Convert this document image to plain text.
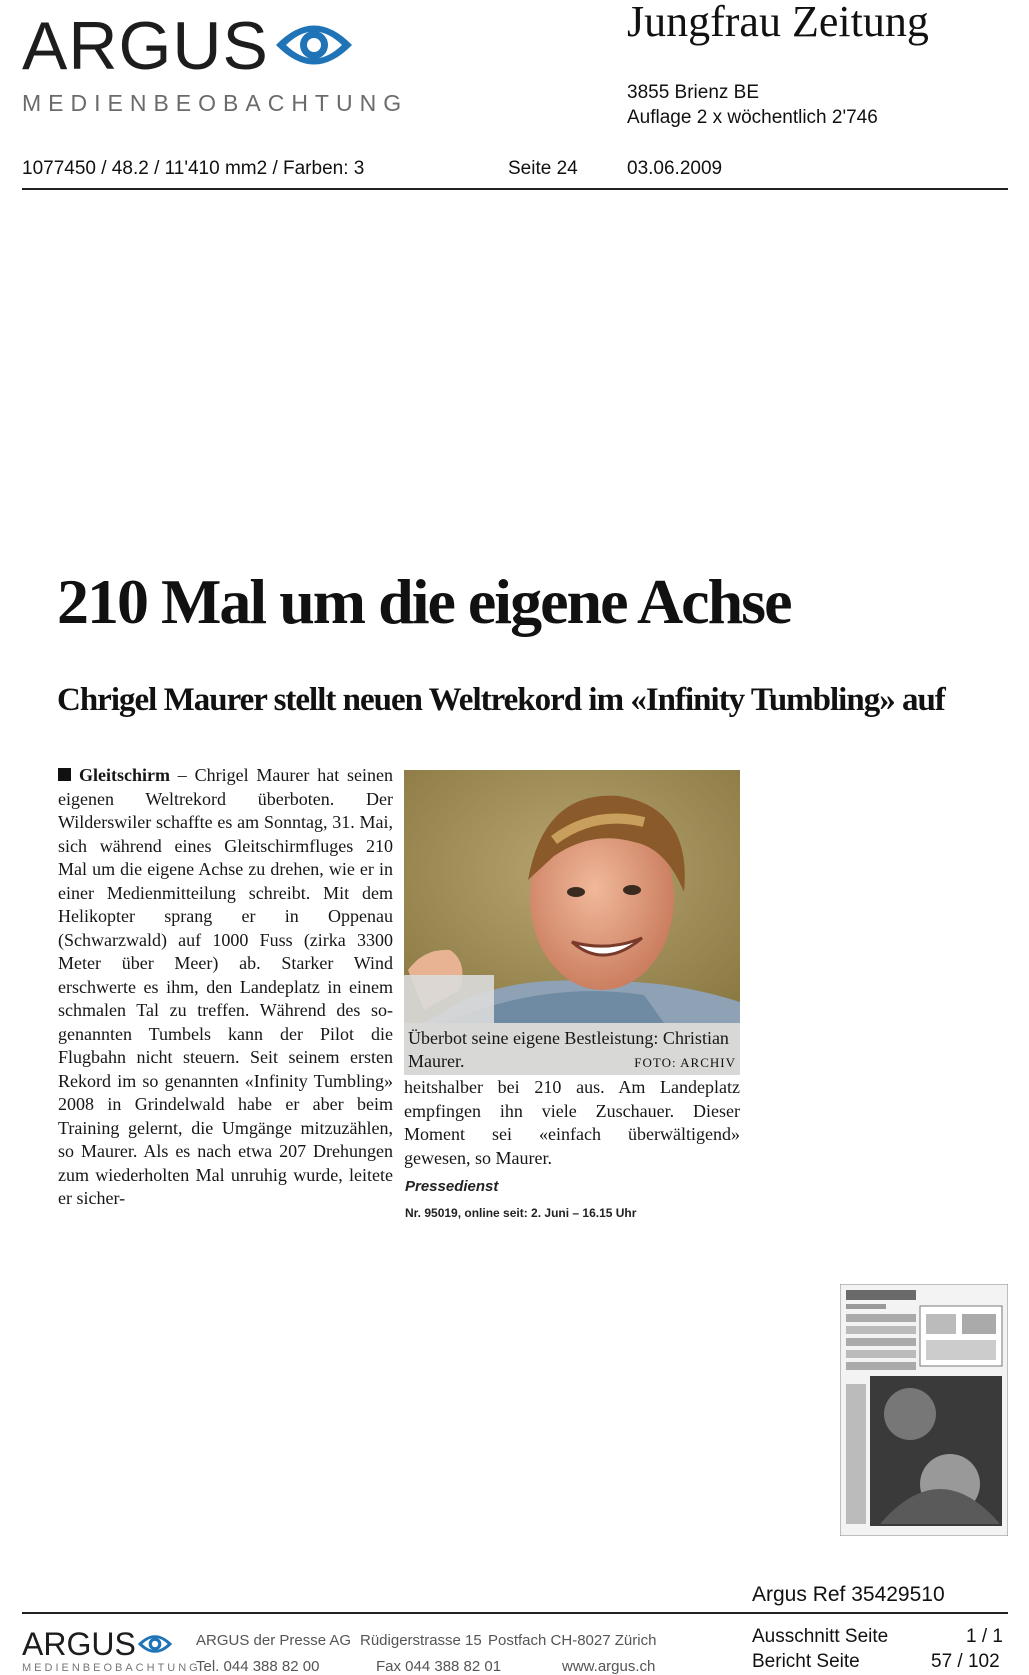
ARGUS
MEDIENBEOBACHTUNG
Jungfrau Zeitung
3855 Brienz BE
Auflage 2 x wöchentlich 2'746
1077450 / 48.2 / 11'410 mm2 / Farben: 3	Seite 24	03.06.2009
210 Mal um die eigene Achse
Chrigel Maurer stellt neuen Weltrekord im «Infinity Tumbling» auf
Gleitschirm – Chrigel Maurer hat seinen eigenen Weltrekord überboten. Der Wilderswiler schaffte es am Sonntag, 31. Mai, sich während eines Gleitschirmfluges 210 Mal um die eigene Achse zu drehen, wie er in einer Medienmitteilung schreibt. Mit dem Helikopter sprang er in Oppenau (Schwarzwald) auf 1000 Fuss (zirka 3300 Meter über Meer) ab. Starker Wind erschwerte es ihm, den Landeplatz in einem schmalen Tal zu treffen. Während des so- genannten Tumbels kann der Pilot die Flugbahn nicht steuern. Seit seinem ersten Rekord im so genannten «Infinity Tumbling» 2008 in Grindelwald habe er aber beim Training gelernt, die Umgänge mitzuzählen, so Maurer. Als es nach etwa 207 Drehungen zum wiederholten Mal unruhig wurde, leitete er sicher-
Überbot seine eigene Bestleistung: Christian Maurer.	FOTO: ARCHIV
heitshalber bei 210 aus. Am Landeplatz empfingen ihn viele Zuschauer. Dieser Moment sei «einfach überwältigend» gewesen, so Maurer.
Pressedienst
Nr. 95019, online seit: 2. Juni – 16.15 Uhr
Argus Ref 35429510
ARGUS
MEDIENBEOBACHTUNG
ARGUS der Presse AG Rüdigerstrasse 15 Postfach CH-8027 Zürich
Tel. 044 388 82 00	Fax 044 388 82 01	www.argus.ch
Ausschnitt Seite	1 / 1
Bericht Seite	57 / 102
